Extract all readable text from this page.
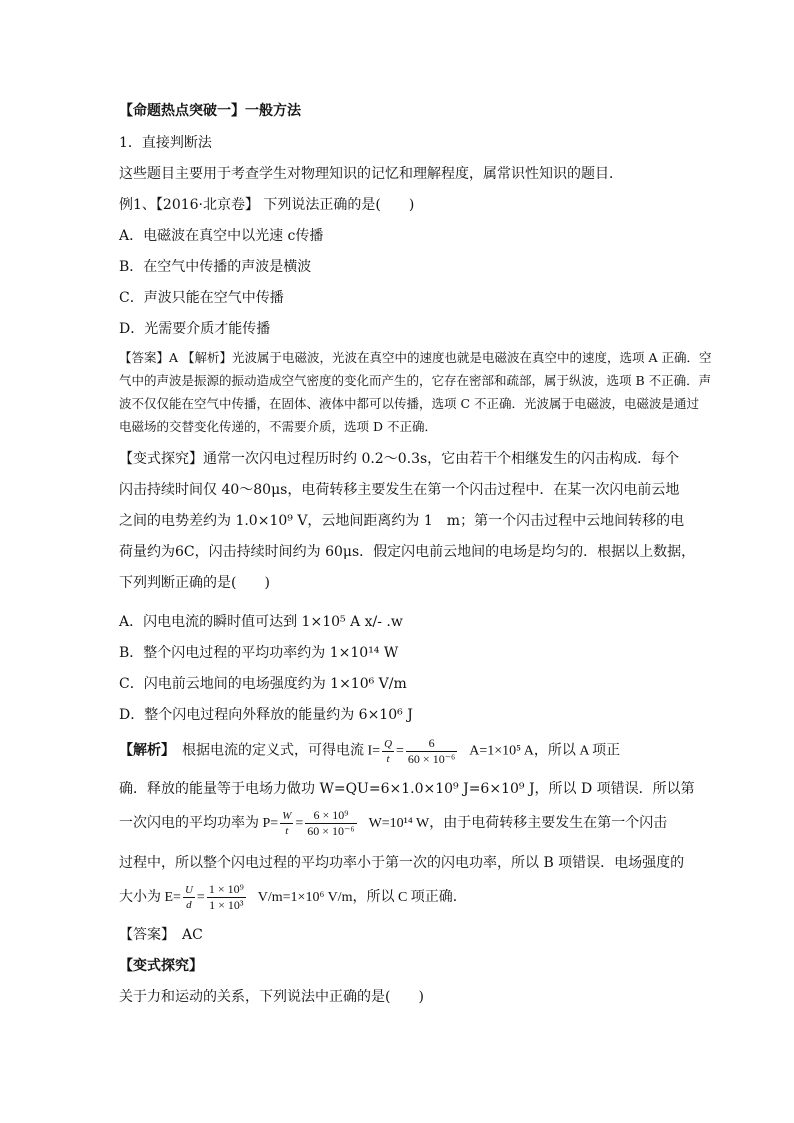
【命题热点突破一】一般方法
1．直接判断法
这些题目主要用于考查学生对物理知识的记忆和理解程度，属常识性知识的题目．
例1、【2016·北京卷】 下列说法正确的是(　　)
A．电磁波在真空中以光速 c传播
B．在空气中传播的声波是横波
C．声波只能在空气中传播
D．光需要介质才能传播
【答案】A 【解析】光波属于电磁波，光波在真空中的速度也就是电磁波在真空中的速度，选项 A 正确．空
气中的声波是振源的振动造成空气密度的变化而产生的，它存在密部和疏部，属于纵波，选项 B 不正确．声
波不仅仅能在空气中传播，在固体、液体中都可以传播，选项 C 不正确．光波属于电磁波，电磁波是通过
电磁场的交替变化传递的，不需要介质，选项 D 不正确．
【变式探究】通常一次闪电过程历时约 0.2～0.3s，它由若干个相继发生的闪击构成．每个
闪击持续时间仅 40～80μs，电荷转移主要发生在第一个闪击过程中．在某一次闪电前云地
之间的电势差约为 1.0×10⁹ V，云地间距离约为 1　m；第一个闪击过程中云地间转移的电
荷量约为6C，闪击持续时间约为 60μs．假定闪电前云地间的电场是均匀的．根据以上数据，
下列判断正确的是(　　)
A．闪电电流的瞬时值可达到 1×10⁵ A x/- .w
B．整个闪电过程的平均功率约为 1×10¹⁴ W
C．闪电前云地间的电场强度约为 1×10⁶ V/m
D．整个闪电过程向外释放的能量约为 6×10⁶ J
【解析】　根据电流的定义式，可得电流 $I= \frac{Q}{t} = \frac{6}{\text{60 × 10⁻⁶}} A=1\times 10^5$ A，所以 A 项正
确．释放的能量等于电场力做功 W=QU=6×1.0×10⁹ J=6×10⁹ J，所以 D 项错误．所以第
一次闪电的平均功率为 $P= \frac{W}{t} = \frac{\text{6 × 10⁹}}{\text{60 × 10⁻⁶}} W=10^{14}$ W，由于电荷转移主要发生在第一个闪击
过程中，所以整个闪电过程的平均功率小于第一次的闪电功率，所以 B 项错误．电场强度的
大小为 $E= \frac{U}{d} = \frac{\text{1 × 10⁹}}{\text{1 × 10³}} V/m=1\times 10^6$ V/m，所以 C 项正确．
【答案】　AC
【变式探究】
关于力和运动的关系，下列说法中正确的是(　　)
